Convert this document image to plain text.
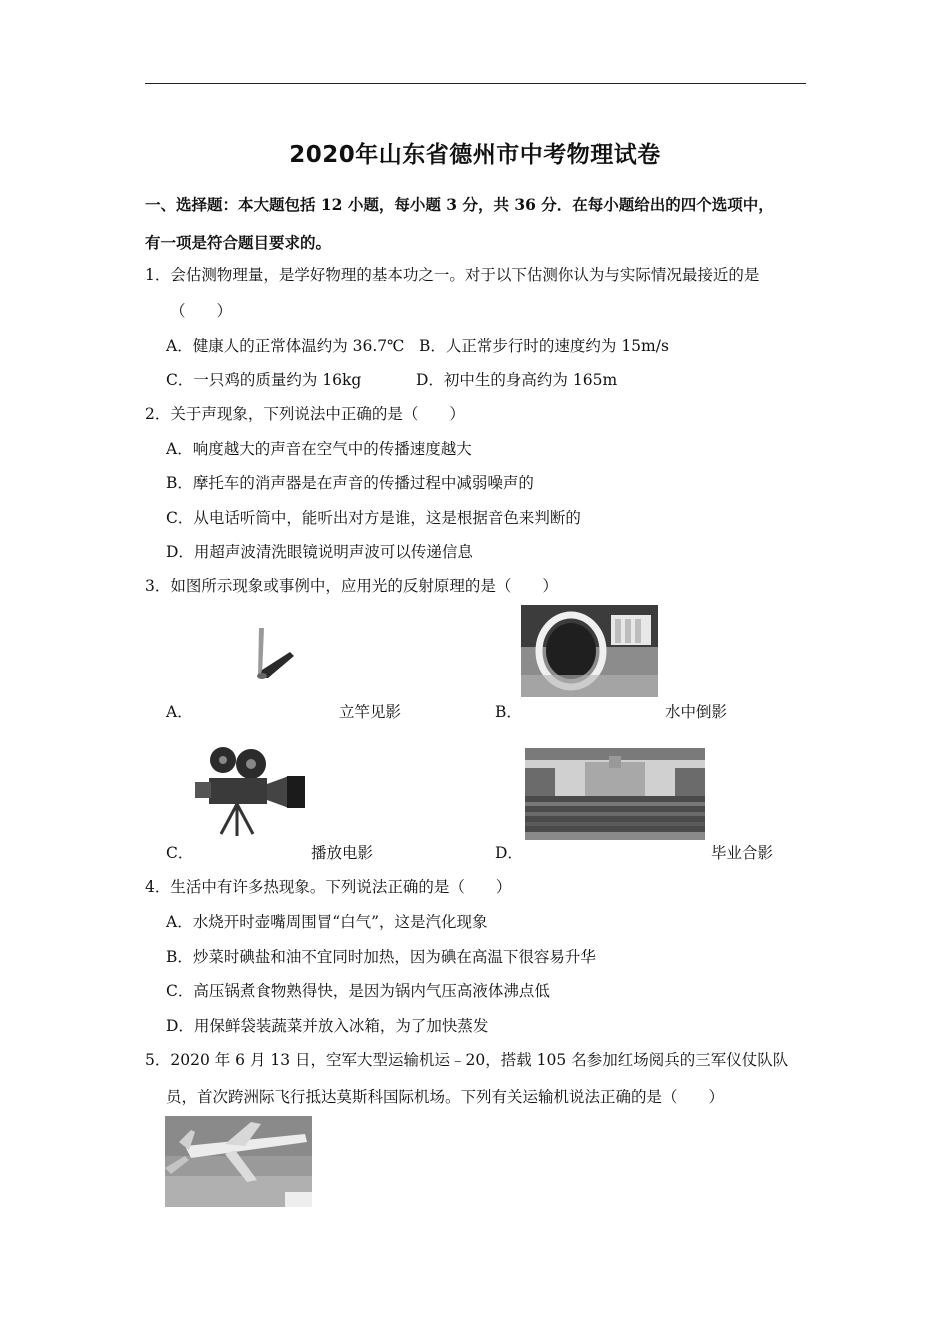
2020年山东省德州市中考物理试卷
一、选择题：本大题包括 12 小题，每小题 3 分，共 36 分．在每小题给出的四个选项中，
有一项是符合题目要求的。
1．会估测物理量，是学好物理的基本功之一。对于以下估测你认为与实际情况最接近的是
（　　）
A．健康人的正常体温约为 36.7℃ B．人正常步行时的速度约为 15m/s
C．一只鸡的质量约为 16kg	D．初中生的身高约为 165m
2．关于声现象，下列说法中正确的是（　　）
A．响度越大的声音在空气中的传播速度越大
B．摩托车的消声器是在声音的传播过程中减弱噪声的
C．从电话听筒中，能听出对方是谁，这是根据音色来判断的
D．用超声波清洗眼镜说明声波可以传递信息
3．如图所示现象或事例中，应用光的反射原理的是（　　）
A．	立竿见影	B．	水中倒影
C．	播放电影	D．	毕业合影
4．生活中有许多热现象。下列说法正确的是（　　）
A．水烧开时壶嘴周围冒“白气”，这是汽化现象
B．炒菜时碘盐和油不宜同时加热，因为碘在高温下很容易升华
C．高压锅煮食物熟得快，是因为锅内气压高液体沸点低
D．用保鲜袋装蔬菜并放入冰箱，为了加快蒸发
5．2020 年 6 月 13 日，空军大型运输机运﹣20，搭载 105 名参加红场阅兵的三军仪仗队队
员，首次跨洲际飞行抵达莫斯科国际机场。下列有关运输机说法正确的是（　　）
